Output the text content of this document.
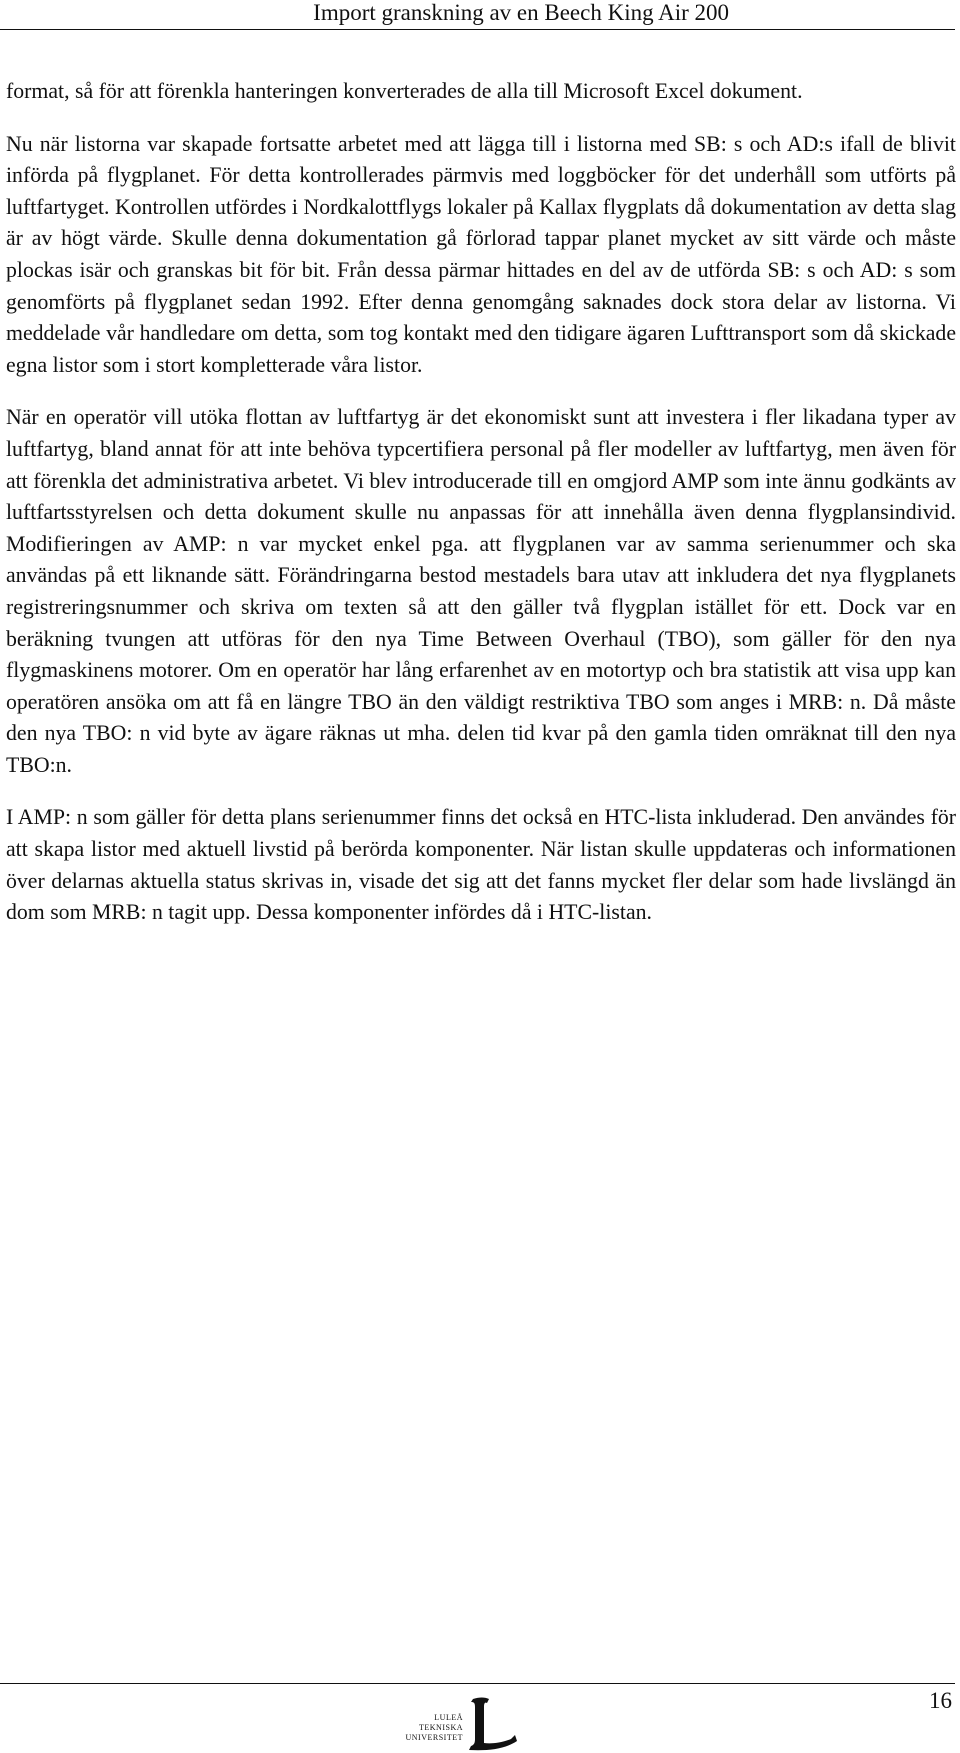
Import granskning av en Beech King Air 200

format, så för att förenkla hanteringen konverterades de alla till Microsoft Excel dokument.

Nu när listorna var skapade fortsatte arbetet med att lägga till i listorna med SB: s och AD:s ifall de blivit införda på flygplanet. För detta kontrollerades pärmvis med loggböcker för det underhåll som utförts på luftfartyget. Kontrollen utfördes i Nordkalottflygs lokaler på Kallax flygplats då dokumentation av detta slag är av högt värde. Skulle denna dokumentation gå förlorad tappar planet mycket av sitt värde och måste plockas isär och granskas bit för bit. Från dessa pärmar hittades en del av de utförda SB: s och AD: s som genomförts på flygplanet sedan 1992. Efter denna genomgång saknades dock stora delar av listorna. Vi meddelade vår handledare om detta, som tog kontakt med den tidigare ägaren Lufttransport som då skickade egna listor som i stort kompletterade våra listor.

När en operatör vill utöka flottan av luftfartyg är det ekonomiskt sunt att investera i fler likadana typer av luftfartyg, bland annat för att inte behöva typcertifiera personal på fler modeller av luftfartyg, men även för att förenkla det administrativa arbetet. Vi blev introducerade till en omgjord AMP som inte ännu godkänts av luftfartsstyrelsen och detta dokument skulle nu anpassas för att innehålla även denna flygplansindivid. Modifieringen av AMP: n var mycket enkel pga. att flygplanen var av samma serienummer och ska användas på ett liknande sätt. Förändringarna bestod mestadels bara utav att inkludera det nya flygplanets registreringsnummer och skriva om texten så att den gäller två flygplan istället för ett. Dock var en beräkning tvungen att utföras för den nya Time Between Overhaul (TBO), som gäller för den nya flygmaskinens motorer. Om en operatör har lång erfarenhet av en motortyp och bra statistik att visa upp kan operatören ansöka om att få en längre TBO än den väldigt restriktiva TBO som anges i MRB: n. Då måste den nya TBO: n vid byte av ägare räknas ut mha. delen tid kvar på den gamla tiden omräknat till den nya TBO:n.

I AMP: n som gäller för detta plans serienummer finns det också en HTC-lista inkluderad. Den användes för att skapa listor med aktuell livstid på berörda komponenter. När listan skulle uppdateras och informationen över delarnas aktuella status skrivas in, visade det sig att det fanns mycket fler delar som hade livslängd än dom som MRB: n tagit upp. Dessa komponenter infördes då i HTC-listan.

16
LULEÅ
TEKNISKA
UNIVERSITET
